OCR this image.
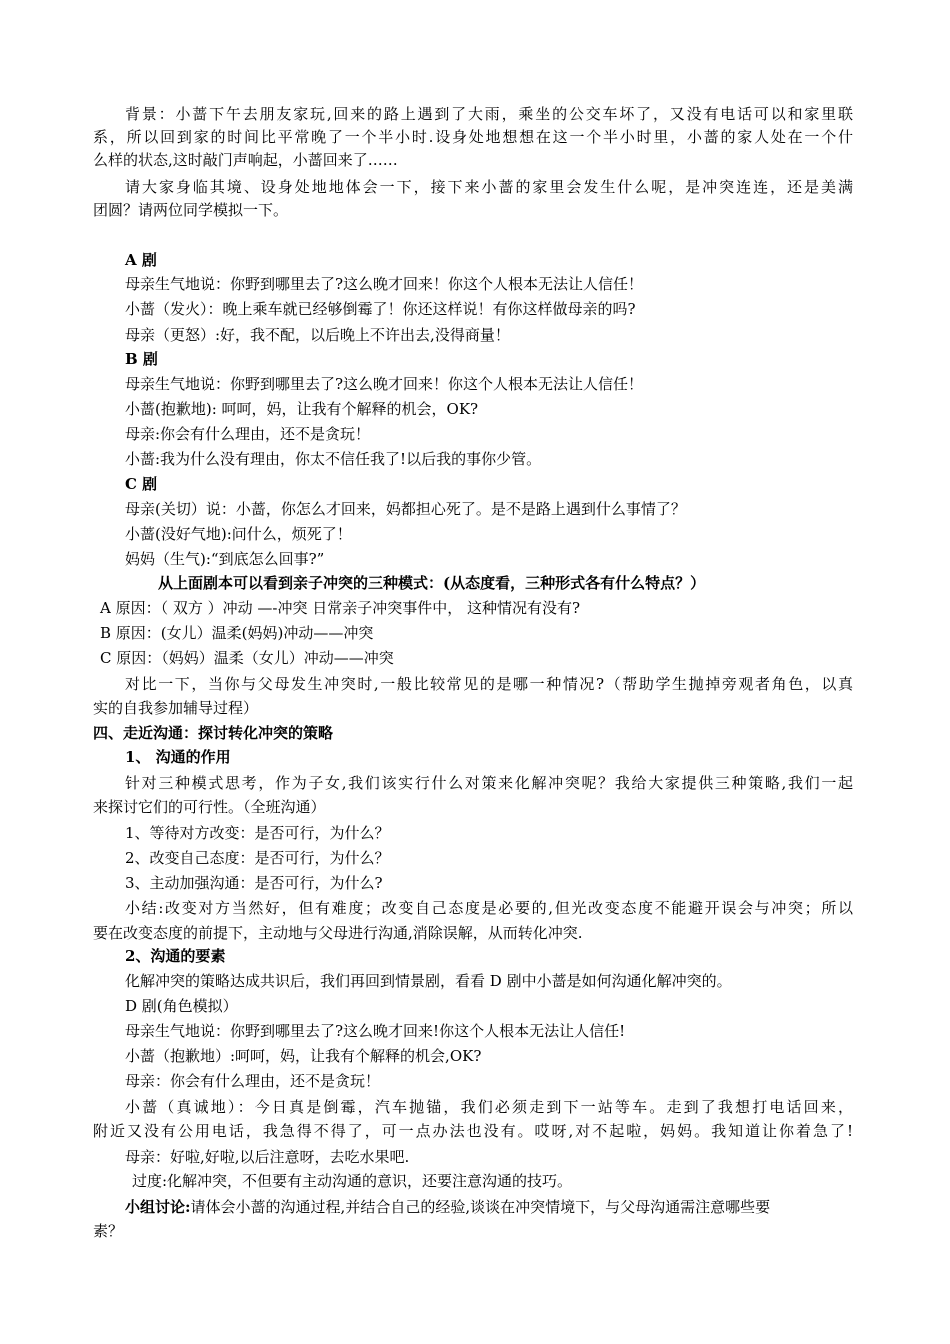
背景：小蔷下午去朋友家玩,回来的路上遇到了大雨，乘坐的公交车坏了，又没有电话可以和家里联
系，所以回到家的时间比平常晚了一个半小时.设身处地想想在这一个半小时里，小蔷的家人处在一个什
么样的状态,这时敲门声响起，小蔷回来了……
请大家身临其境、设身处地地体会一下，接下来小蔷的家里会发生什么呢，是冲突连连，还是美满
团圆？请两位同学模拟一下。
A 剧
母亲生气地说：你野到哪里去了?这么晚才回来！你这个人根本无法让人信任！
小蔷（发火）：晚上乘车就已经够倒霉了！你还这样说！有你这样做母亲的吗?
母亲（更怒）:好，我不配，以后晚上不许出去,没得商量！
B 剧
母亲生气地说：你野到哪里去了?这么晚才回来！你这个人根本无法让人信任！
小蔷(抱歉地): 呵呵，妈，让我有个解释的机会，OK?
母亲:你会有什么理由，还不是贪玩！
小蔷:我为什么没有理由，你太不信任我了!以后我的事你少管。
C 剧
母亲(关切）说：小蔷，你怎么才回来，妈都担心死了。是不是路上遇到什么事情了？
小蔷(没好气地):问什么，烦死了！
妈妈（生气):“到底怎么回事?”
从上面剧本可以看到亲子冲突的三种模式：(从态度看，三种形式各有什么特点？）
A 原因：（ 双方 ）冲动 —-冲突 日常亲子冲突事件中， 这种情况有没有?
B 原因：(女儿）温柔(妈妈)冲动——冲突
C 原因：（妈妈）温柔（女儿）冲动——冲突
对比一下，当你与父母发生冲突时,一般比较常见的是哪一种情况?（帮助学生抛掉旁观者角色，以真
实的自我参加辅导过程）
四、走近沟通：探讨转化冲突的策略
1、 沟通的作用
针对三种模式思考，作为子女,我们该实行什么对策来化解冲突呢？我给大家提供三种策略,我们一起
来探讨它们的可行性。（全班沟通）
1、等待对方改变：是否可行，为什么？
2、改变自己态度：是否可行，为什么？
3、主动加强沟通：是否可行，为什么?
小结:改变对方当然好，但有难度；改变自己态度是必要的,但光改变态度不能避开误会与冲突；所以
要在改变态度的前提下，主动地与父母进行沟通,消除误解，从而转化冲突.
2、沟通的要素
化解冲突的策略达成共识后，我们再回到情景剧，看看 D 剧中小蔷是如何沟通化解冲突的。
D 剧(角色模拟）
母亲生气地说：你野到哪里去了?这么晚才回来!你这个人根本无法让人信任!
小蔷（抱歉地）:呵呵，妈，让我有个解释的机会,OK?
母亲：你会有什么理由，还不是贪玩！
小蔷（真诚地）：今日真是倒霉，汽车抛锚，我们必须走到下一站等车。走到了我想打电话回来，
附近又没有公用电话，我急得不得了，可一点办法也没有。哎呀,对不起啦，妈妈。我知道让你着急了!
母亲：好啦,好啦,以后注意呀，去吃水果吧.
过度:化解冲突，不但要有主动沟通的意识，还要注意沟通的技巧。
小组讨论:请体会小蔷的沟通过程,并结合自己的经验,谈谈在冲突情境下，与父母沟通需注意哪些要
素？
